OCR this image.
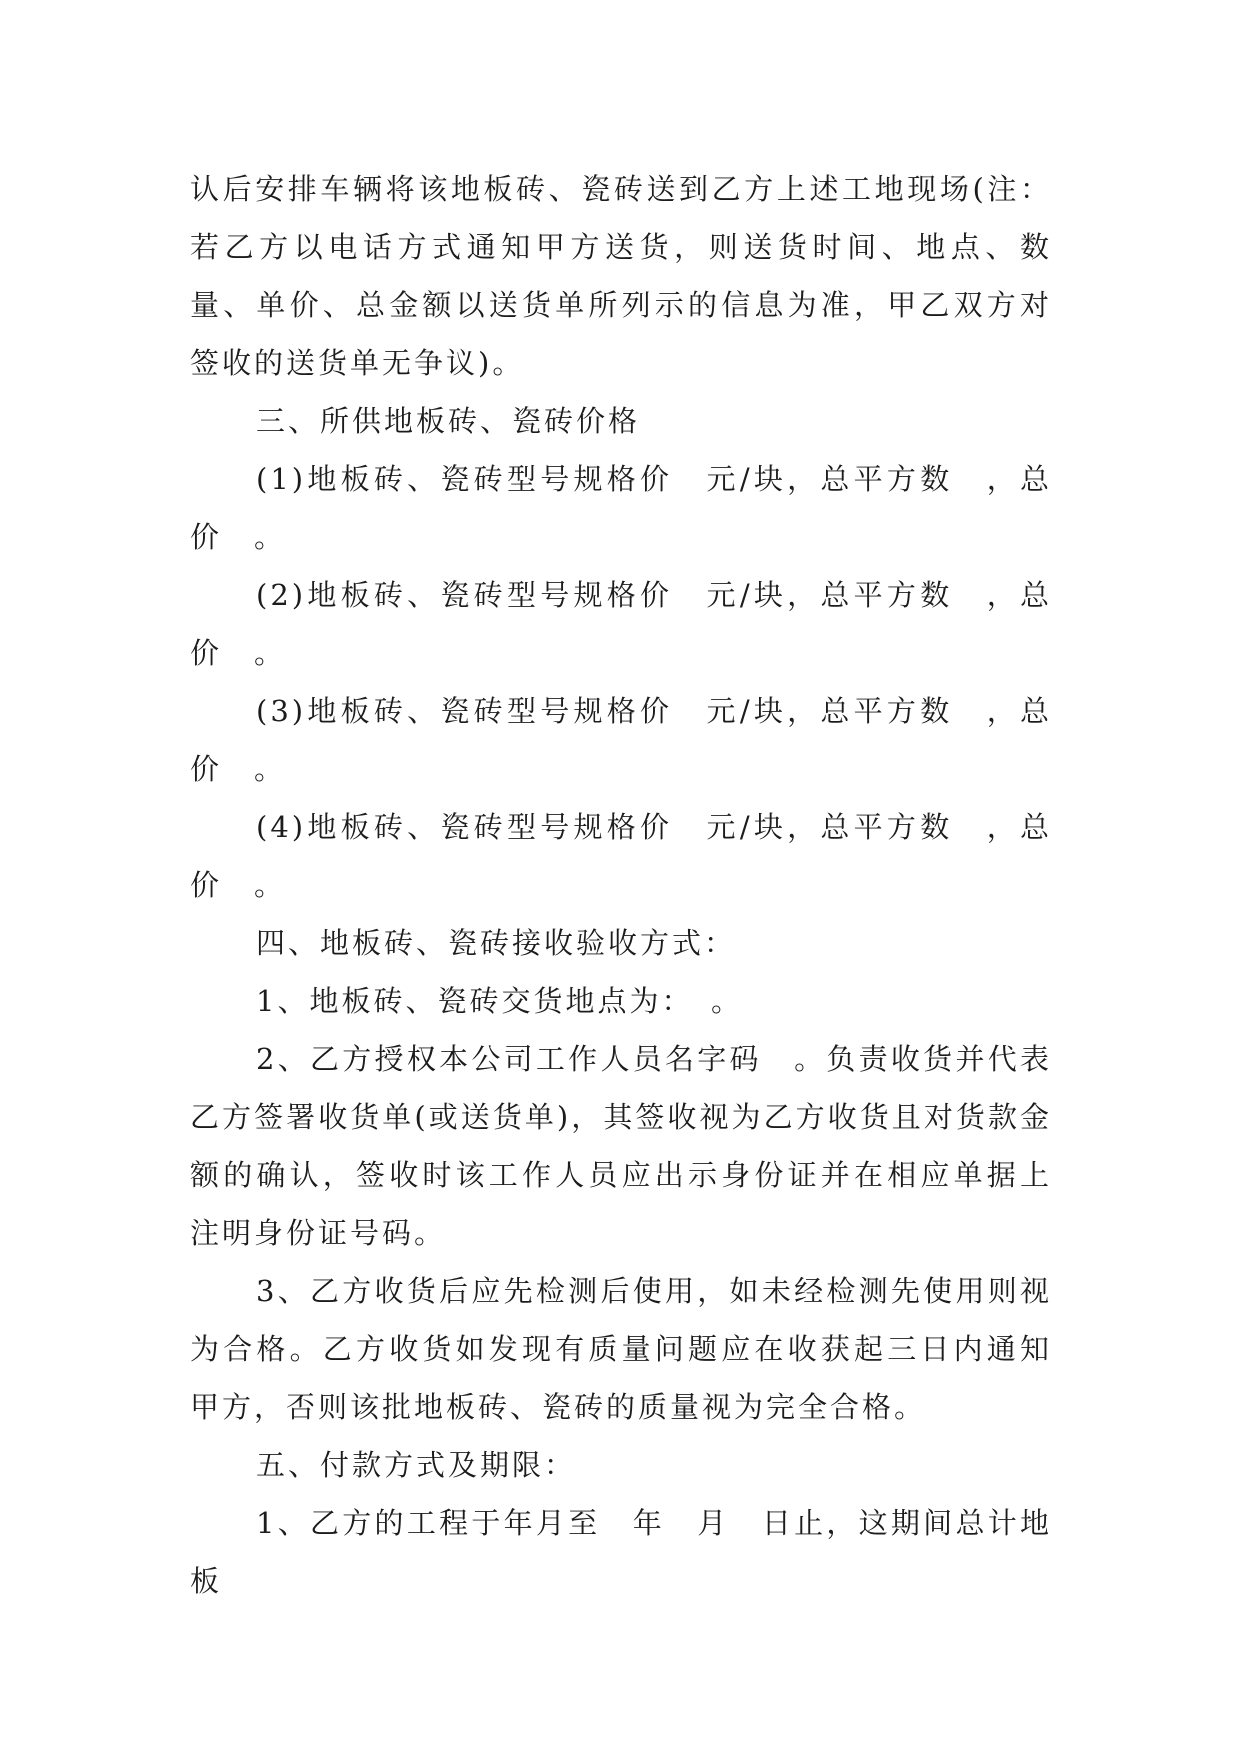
认后安排车辆将该地板砖、瓷砖送到乙方上述工地现场(注：若乙方以电话方式通知甲方送货，则送货时间、地点、数量、单价、总金额以送货单所列示的信息为准，甲乙双方对签收的送货单无争议)。

三、所供地板砖、瓷砖价格

(1)地板砖、瓷砖型号规格价　元/块，总平方数　，总价　。

(2)地板砖、瓷砖型号规格价　元/块，总平方数　，总价　。

(3)地板砖、瓷砖型号规格价　元/块，总平方数　，总价　。

(4)地板砖、瓷砖型号规格价　元/块，总平方数　，总价　。

四、地板砖、瓷砖接收验收方式：

1、地板砖、瓷砖交货地点为：　。

2、乙方授权本公司工作人员名字码　。负责收货并代表乙方签署收货单(或送货单)，其签收视为乙方收货且对货款金额的确认，签收时该工作人员应出示身份证并在相应单据上注明身份证号码。

3、乙方收货后应先检测后使用，如未经检测先使用则视为合格。乙方收货如发现有质量问题应在收获起三日内通知甲方，否则该批地板砖、瓷砖的质量视为完全合格。

五、付款方式及期限：

1、乙方的工程于年月至　年　月　日止，这期间总计地板
